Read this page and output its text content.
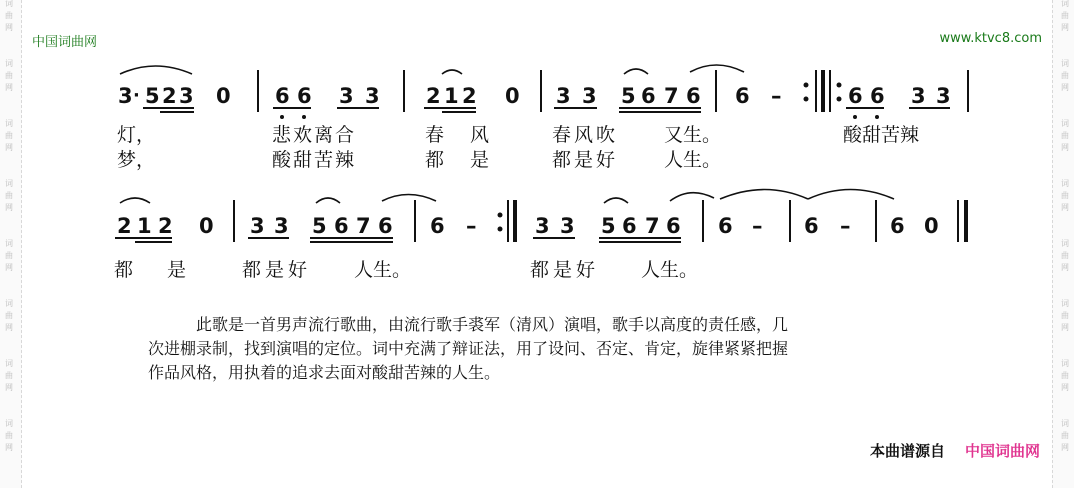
词
曲
网
词
曲
网
词
曲
网
词
曲
网
词
曲
网
词
曲
网
词
曲
网
词
曲
网
词
曲
网
词
曲
网
词
曲
网
词
曲
网
词
曲
网
词
曲
网
词
曲
网
词
曲
网
中国词曲网	www.ktvc8.com
3 · 5 2 3 0 6 6 3 3 2 1 2 0 3 3 5 6 7 6 6 –	6 6 3 3
灯，	悲欢离合	春 风	春风吹 又生。	酸甜苦辣
梦，	酸甜苦辣	都 是	都是好 人生。
2 1 2 0 3 3 5 6 7 6 6 –	3 3 5 6 7 6 6 – 6 – 6 0
都 是 都是好 人生。	都是好 人生。

此歌是一首男声流行歌曲，由流行歌手裘军（清风）演唱，歌手以高度的责任感，几

次进棚录制，找到演唱的定位。词中充满了辩证法，用了设问、否定、肯定，旋律紧紧把握
作品风格，用执着的追求去面对酸甜苦辣的人生。
本曲谱源自 中国词曲网
